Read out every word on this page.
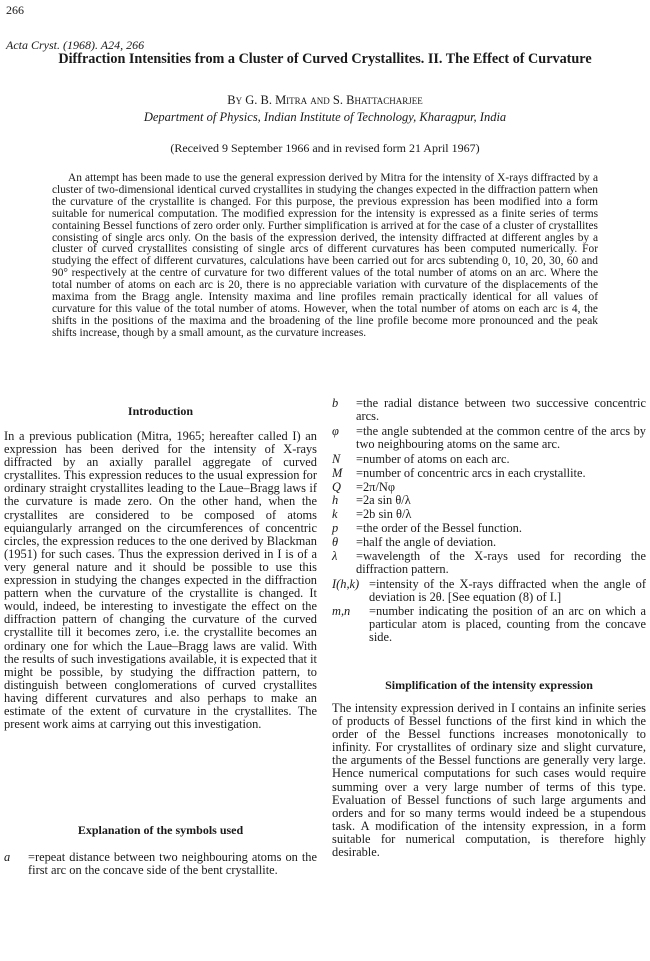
266
Acta Cryst. (1968). A24, 266
Diffraction Intensities from a Cluster of Curved Crystallites. II. The Effect of Curvature
By G. B. Mitra and S. Bhattacharjee
Department of Physics, Indian Institute of Technology, Kharagpur, India
(Received 9 September 1966 and in revised form 21 April 1967)

An attempt has been made to use the general expression derived by Mitra for the intensity of X-rays diffracted by a cluster of two-dimensional identical curved crystallites in studying the changes expected in the diffraction pattern when the curvature of the crystallite is changed. For this purpose, the previous expression has been modified into a form suitable for numerical computation. The modified expression for the intensity is expressed as a finite series of terms containing Bessel functions of zero order only. Further simplification is arrived at for the case of a cluster of crystallites consisting of single arcs only. On the basis of the expression derived, the intensity diffracted at different angles by a cluster of curved crystallites consisting of single arcs of different curvatures has been computed numerically. For studying the effect of different curvatures, calculations have been carried out for arcs subtending 0, 10, 20, 30, 60 and 90° respectively at the centre of curvature for two different values of the total number of atoms on an arc. Where the total number of atoms on each arc is 20, there is no appreciable variation with curvature of the displacements of the maxima from the Bragg angle. Intensity maxima and line profiles remain practically identical for all values of curvature for this value of the total number of atoms. However, when the total number of atoms on each arc is 4, the shifts in the positions of the maxima and the broadening of the line profile become more pronounced and the peak shifts increase, though by a small amount, as the curvature increases.

Introduction

In a previous publication (Mitra, 1965; hereafter called I) an expression has been derived for the intensity of X-rays diffracted by an axially parallel aggregate of curved crystallites. This expression reduces to the usual expression for ordinary straight crystallites leading to the Laue–Bragg laws if the curvature is made zero. On the other hand, when the crystallites are considered to be composed of atoms equiangularly arranged on the circumferences of concentric circles, the expression reduces to the one derived by Blackman (1951) for such cases. Thus the expression derived in I is of a very general nature and it should be possible to use this expression in studying the changes expected in the diffraction pattern when the curvature of the crystallite is changed. It would, indeed, be interesting to investigate the effect on the diffraction pattern of changing the curvature of the curved crystallite till it becomes zero, i.e. the crystallite becomes an ordinary one for which the Laue–Bragg laws are valid. With the results of such investigations available, it is expected that it might be possible, by studying the diffraction pattern, to distinguish between conglomerations of curved crystallites having different curvatures and also perhaps to make an estimate of the extent of curvature in the crystallites. The present work aims at carrying out this investigation.

Explanation of the symbols used
a	=repeat distance between two neighbouring atoms on the first arc on the concave side of the bent crystallite.
b	=the radial distance between two successive concentric arcs.
φ	=the angle subtended at the common centre of the arcs by two neighbouring atoms on the same arc.
N	=number of atoms on each arc.
M	=number of concentric arcs in each crystallite.
Q	=2π/Nφ
h	=2a sin θ/λ
k	=2b sin θ/λ
p	=the order of the Bessel function.
θ	=half the angle of deviation.
λ	=wavelength of the X-rays used for recording the diffraction pattern.
I(h,k) =intensity of the X-rays diffracted when the angle of deviation is 2θ. [See equation (8) of I.]
m,n	=number indicating the position of an arc on which a particular atom is placed, counting from the concave side.
Simplification of the intensity expression

The intensity expression derived in I contains an infinite series of products of Bessel functions of the first kind in which the order of the Bessel functions increases monotonically to infinity. For crystallites of ordinary size and slight curvature, the arguments of the Bessel functions are generally very large. Hence numerical computations for such cases would require summing over a very large number of terms of this type. Evaluation of Bessel functions of such large arguments and orders and for so many terms would indeed be a stupendous task. A modification of the intensity expression, in a form suitable for numerical computation, is therefore highly desirable.
